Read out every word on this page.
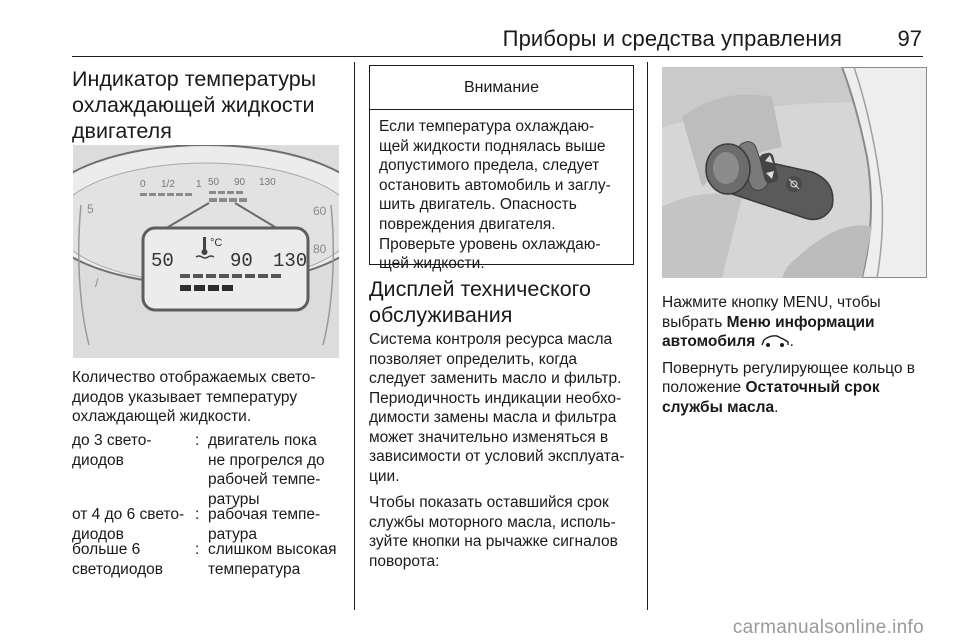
Приборы и средства управления	97
Индикатор температуры
охлаждающей жидкости
двигателя
5
/
60
80
0 1/2 1 50 90 130
50	90 130
°C

Количество отображаемых свето-
диодов указывает температуру
охлаждающей жидкости.

до 3 свето-
диодов
: двигатель пока
не прогрелся до
рабочей темпе-
ратуры
от 4 до 6 свето-
диодов
: рабочая темпе-
ратура
больше 6
светодиодов
: слишком высокая
температура
Внимание
Если температура охлаждаю-
щей жидкости поднялась выше
допустимого предела, следует
остановить автомобиль и заглу-
шить двигатель. Опасность
повреждения двигателя.
Проверьте уровень охлаждаю-
щей жидкости.
Дисплей технического
обслуживания

Система контроля ресурса масла
позволяет определить, когда
следует заменить масло и фильтр.
Периодичность индикации необхо-
димости замены масла и фильтра
может значительно изменяться в
зависимости от условий эксплуата-
ции.

Чтобы показать оставшийся срок
службы моторного масла, исполь-
зуйте кнопки на рычажке сигналов
поворота:

Нажмите кнопку MENU, чтобы
выбрать Меню информации
автомобиля .

Повернуть регулирующее кольцо в
положение Остаточный срок
службы масла.

carmanualsonline.info
